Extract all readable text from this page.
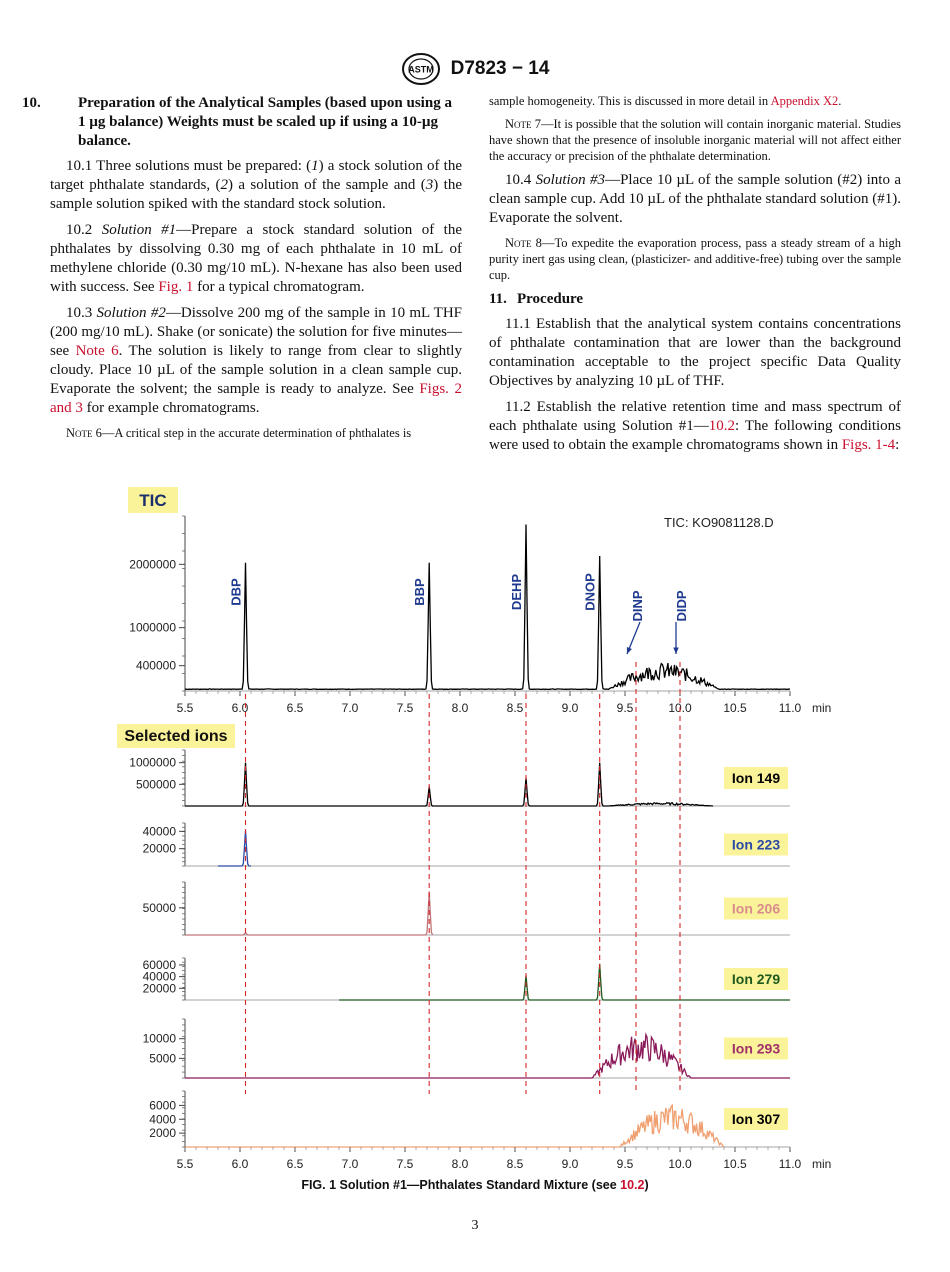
ASTM D7823 − 14
10. Preparation of the Analytical Samples (based upon using a 1 µg balance) Weights must be scaled up if using a 10-µg balance.

10.1 Three solutions must be prepared: (1) a stock solution of the target phthalate standards, (2) a solution of the sample and (3) the sample solution spiked with the standard stock solution.

10.2 Solution #1—Prepare a stock standard solution of the phthalates by dissolving 0.30 mg of each phthalate in 10 mL of methylene chloride (0.30 mg/10 mL). N-hexane has also been used with success. See Fig. 1 for a typical chromatogram.

10.3 Solution #2—Dissolve 200 mg of the sample in 10 mL THF (200 mg/10 mL). Shake (or sonicate) the solution for five minutes—see Note 6. The solution is likely to range from clear to slightly cloudy. Place 10 µL of the sample solution in a clean sample cup. Evaporate the solvent; the sample is ready to analyze. See Figs. 2 and 3 for example chromatograms.

Note 6—A critical step in the accurate determination of phthalates is

sample homogeneity. This is discussed in more detail in Appendix X2.

Note 7—It is possible that the solution will contain inorganic material. Studies have shown that the presence of insoluble inorganic material will not affect either the accuracy or precision of the phthalate determination.

10.4 Solution #3—Place 10 µL of the sample solution (#2) into a clean sample cup. Add 10 µL of the phthalate standard solution (#1). Evaporate the solvent.

Note 8—To expedite the evaporation process, pass a steady stream of a high purity inert gas using clean, (plasticizer- and additive-free) tubing over the sample cup.

11. Procedure

11.1 Establish that the analytical system contains concentrations of phthalate contamination that are lower than the background contamination acceptable to the project specific Data Quality Objectives by analyzing 10 µL of THF.

11.2 Establish the relative retention time and mass spectrum of each phthalate using Solution #1—10.2: The following conditions were used to obtain the example chromatograms shown in Figs. 1-4:

TIC
TIC: KO9081128.D
Selected ions
400000
1000000
2000000
500000
1000000
Ion 149
20000
40000
Ion 223
50000	Ion 206
20000
40000
60000
Ion 279
5000
10000
Ion 293
2000
4000
6000
Ion 307
5.5	6.0	6.5	7.0	7.5	8.0	8.5	9.0	9.5	10.0	10.5	11.0 min
5.5	6.0	6.5	7.0	7.5	8.0	8.5	9.0	9.5	10.0	10.5	11.0 min
DBP	BBP	DEHP	DNOP DINP DIDP
FIG. 1 Solution #1—Phthalates Standard Mixture (see 10.2)
3
